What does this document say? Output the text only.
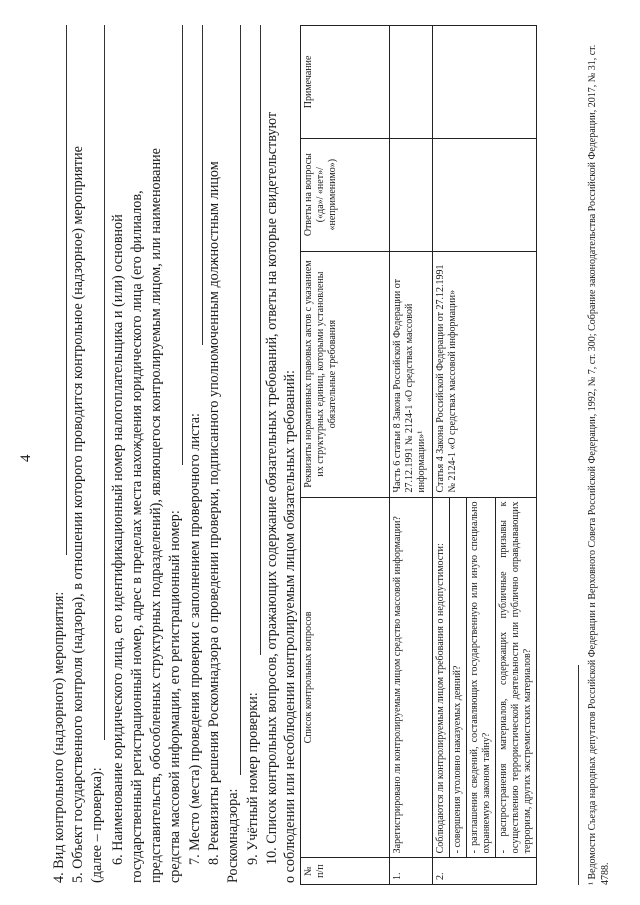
4
4. Вид контрольного (надзорного) мероприятия: 5. Объект государственного контроля (надзора), в отношении которого проводится контрольное (надзорное) мероприятие (далее – проверка): 6. Наименование юридического лица, его идентификационный номер налогоплательщика и (или) основной государственный регистрационный номер, адрес в пределах места нахождения юридического лица (его филиалов, представительств, обособленных структурных подразделений), являющегося контролируемым лицом, или наименование средства массовой информации, его регистрационный номер: 7. Место (места) проведения проверки с заполнением проверочного листа: 8. Реквизиты решения Роскомнадзора о проведении проверки, подписанного уполномоченным должностным лицом Роскомнадзора: 9. Учётный номер проверки: 10. Список контрольных вопросов, отражающих содержание обязательных требований, ответы на которые свидетельствуют о соблюдении или несоблюдении контролируемым лицом обязательных требований: № п/п	Список контрольных вопросов	Реквизиты нормативных правовых актов с указанием их структурных единиц, которыми установлены обязательные требования	Ответы на вопросы («да»/ «нет»/ «неприменимо»)	Примечание
1.	Зарегистрировано ли контролируемым лицом средство массовой информации?	Часть 6 статьи 8 Закона Российской Федерации от 27.12.1991 № 2124-1 «О средствах массовой информации»¹		
2.	Соблюдаются ли контролируемым лицом требования о недопустимости:	Статья 4 Закона Российской Федерации от 27.12.1991 № 2124-1 «О средствах массовой информации»		
	- совершения уголовно наказуемых деяний?			
	- разглашения сведений, составляющих государственную или иную специально охраняемую законом тайну?			
	- распространения материалов, содержащих публичные призывы к осуществлению террористической деятельности или публично оправдывающих терроризм, других экстремистских материалов?				¹ Ведомости Съезда народных депутатов Российской Федерации и Верховного Совета Российской Федерации, 1992, № 7, ст. 300; Собрание законодательства Российской Федерации, 2017, № 31, ст. 4788.
